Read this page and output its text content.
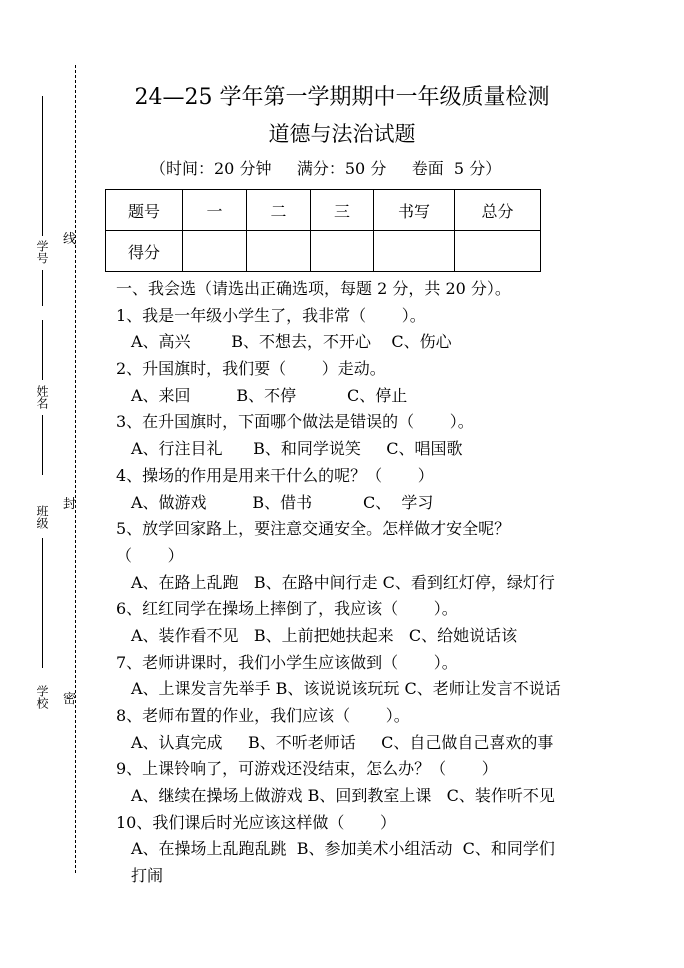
学号
姓名
班级
学校
线
封
密
24—25 学年第一学期期中一年级质量检测
道德与法治试题
（时间：20 分钟     满分：50 分     卷面  5 分）
题号	一	二	三	书写	总分
得分					
一、我会选（请选出正确选项，每题 2 分，共 20 分）。
1、我是一年级小学生了，我非常（       ）。
A、高兴        B、不想去，不开心    C、伤心
2、升国旗时，我们要（       ）走动。
A、来回         B、不停          C、停止
3、在升国旗时，下面哪个做法是错误的（       ）。
A、行注目礼      B、和同学说笑     C、唱国歌
4、操场的作用是用来干什么的呢？（       ）
A、做游戏         B、借书          C、  学习
5、放学回家路上，要注意交通安全。怎样做才安全呢？
（       ）
A、在路上乱跑   B、在路中间行走 C、看到红灯停，绿灯行
6、红红同学在操场上摔倒了，我应该（       ）。
A、装作看不见   B、上前把她扶起来   C、给她说话该
7、老师讲课时，我们小学生应该做到（       ）。
A、上课发言先举手 B、该说说该玩玩 C、老师让发言不说话
8、老师布置的作业，我们应该（       ）。
A、认真完成     B、不听老师话     C、自己做自己喜欢的事
9、上课铃响了，可游戏还没结束，怎么办？（       ）
A、继续在操场上做游戏 B、回到教室上课   C、装作听不见
10、我们课后时光应该这样做（       ）
A、在操场上乱跑乱跳  B、参加美术小组活动  C、和同学们
打闹
